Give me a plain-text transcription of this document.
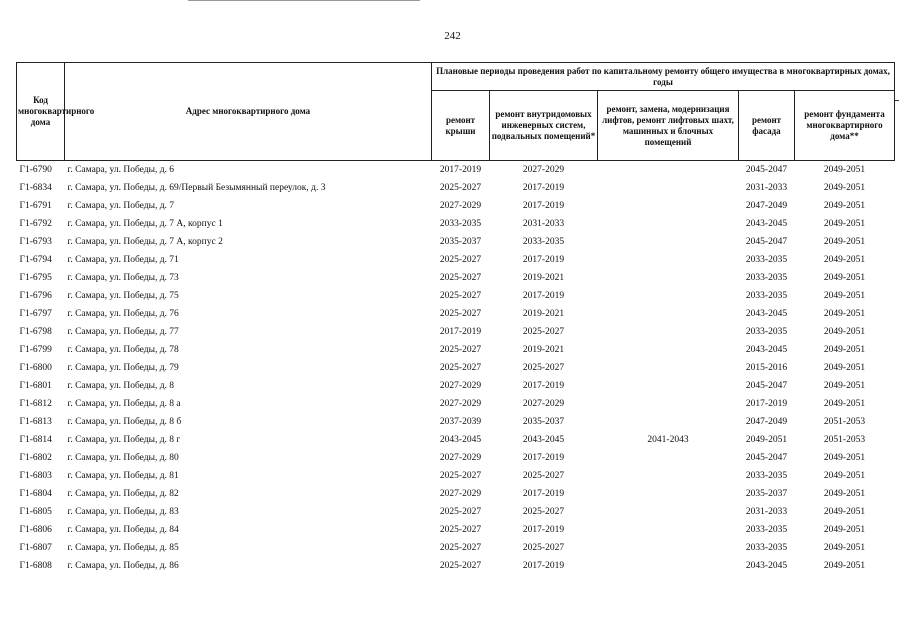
242
Код многоквартирного дома	Адрес многоквартирного дома	Плановые периоды проведения работ по капитальному ремонту общего имущества в многоквартирных домах, годы				
		ремонт крыши	ремонт внутридомовых инженерных систем, подвальных помещений*	ремонт, замена, модернизация лифтов, ремонт лифтовых шахт, машинных и блочных помещений	ремонт фасада	ремонт фундамента многоквартирного дома**
Г1-6790	г. Самара, ул. Победы, д. 6	2017-2019	2027-2029		2045-2047	2049-2051
Г1-6834	г. Самара, ул. Победы, д. 69/Первый Безымянный переулок, д. 3	2025-2027	2017-2019		2031-2033	2049-2051
Г1-6791	г. Самара, ул. Победы, д. 7	2027-2029	2017-2019		2047-2049	2049-2051
Г1-6792	г. Самара, ул. Победы, д. 7 А, корпус 1	2033-2035	2031-2033		2043-2045	2049-2051
Г1-6793	г. Самара, ул. Победы, д. 7 А, корпус 2	2035-2037	2033-2035		2045-2047	2049-2051
Г1-6794	г. Самара, ул. Победы, д. 71	2025-2027	2017-2019		2033-2035	2049-2051
Г1-6795	г. Самара, ул. Победы, д. 73	2025-2027	2019-2021		2033-2035	2049-2051
Г1-6796	г. Самара, ул. Победы, д. 75	2025-2027	2017-2019		2033-2035	2049-2051
Г1-6797	г. Самара, ул. Победы, д. 76	2025-2027	2019-2021		2043-2045	2049-2051
Г1-6798	г. Самара, ул. Победы, д. 77	2017-2019	2025-2027		2033-2035	2049-2051
Г1-6799	г. Самара, ул. Победы, д. 78	2025-2027	2019-2021		2043-2045	2049-2051
Г1-6800	г. Самара, ул. Победы, д. 79	2025-2027	2025-2027		2015-2016	2049-2051
Г1-6801	г. Самара, ул. Победы, д. 8	2027-2029	2017-2019		2045-2047	2049-2051
Г1-6812	г. Самара, ул. Победы, д. 8 а	2027-2029	2027-2029		2017-2019	2049-2051
Г1-6813	г. Самара, ул. Победы, д. 8 б	2037-2039	2035-2037		2047-2049	2051-2053
Г1-6814	г. Самара, ул. Победы, д. 8 г	2043-2045	2043-2045	2041-2043	2049-2051	2051-2053
Г1-6802	г. Самара, ул. Победы, д. 80	2027-2029	2017-2019		2045-2047	2049-2051
Г1-6803	г. Самара, ул. Победы, д. 81	2025-2027	2025-2027		2033-2035	2049-2051
Г1-6804	г. Самара, ул. Победы, д. 82	2027-2029	2017-2019		2035-2037	2049-2051
Г1-6805	г. Самара, ул. Победы, д. 83	2025-2027	2025-2027		2031-2033	2049-2051
Г1-6806	г. Самара, ул. Победы, д. 84	2025-2027	2017-2019		2033-2035	2049-2051
Г1-6807	г. Самара, ул. Победы, д. 85	2025-2027	2025-2027		2033-2035	2049-2051
Г1-6808	г. Самара, ул. Победы, д. 86	2025-2027	2017-2019		2043-2045	2049-2051
